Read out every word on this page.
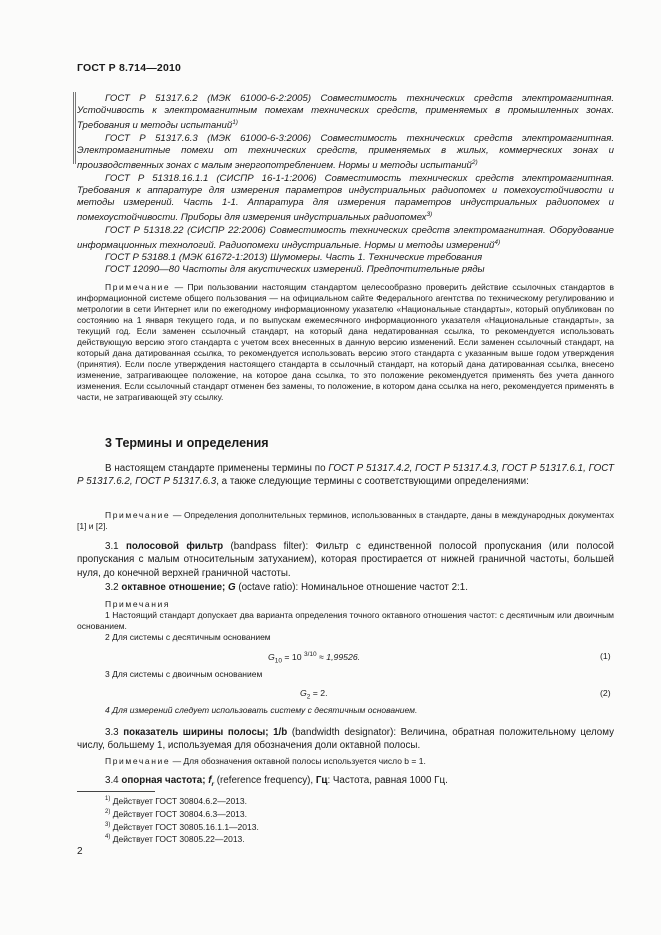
ГОСТ Р 8.714—2010

ГОСТ Р 51317.6.2 (МЭК 61000-6-2:2005) Совместимость технических средств электромагнитная. Устойчивость к электромагнитным помехам технических средств, применяемых в промышленных зонах. Требования и методы испытаний$^{1)}$

ГОСТ Р 51317.6.3 (МЭК 61000-6-3:2006) Совместимость технических средств электромагнитная. Электромагнитные помехи от технических средств, применяемых в жилых, коммерческих зонах и производственных зонах с малым энергопотреблением. Нормы и методы испытаний$^{2)}$

ГОСТ Р 51318.16.1.1 (СИСПР 16-1-1:2006) Совместимость технических средств электромагнитная. Требования к аппаратуре для измерения параметров индустриальных радиопомех и помехоустойчивости и методы измерений. Часть 1-1. Аппаратура для измерения параметров индустриальных радиопомех и помехоустойчивости. Приборы для измерения индустриальных радиопомех$^{3)}$

ГОСТ Р 51318.22 (СИСПР 22:2006) Совместимость технических средств электромагнитная. Оборудование информационных технологий. Радиопомехи индустриальные. Нормы и методы измерений$^{4)}$

ГОСТ Р 53188.1 (МЭК 61672-1:2013) Шумомеры. Часть 1. Технические требования

ГОСТ 12090—80 Частоты для акустических измерений. Предпочтительные ряды

Примечание — При пользовании настоящим стандартом целесообразно проверить действие ссылочных стандартов в информационной системе общего пользования — на официальном сайте Федерального агентства по техническому регулированию и метрологии в сети Интернет или по ежегодному информационному указателю «Национальные стандарты», который опубликован по состоянию на 1 января текущего года, и по выпускам ежемесячного информационного указателя «Национальные стандарты», за текущий год. Если заменен ссылочный стандарт, на который дана недатированная ссылка, то рекомендуется использовать действующую версию этого стандарта с учетом всех внесенных в данную версию изменений. Если заменен ссылочный стандарт, на который дана датированная ссылка, то рекомендуется использовать версию этого стандарта с указанным выше годом утверждения (принятия). Если после утверждения настоящего стандарта в ссылочный стандарт, на который дана датированная ссылка, внесено изменение, затрагивающее положение, на которое дана ссылка, то это положение рекомендуется применять без учета данного изменения. Если ссылочный стандарт отменен без замены, то положение, в котором дана ссылка на него, рекомендуется применять в части, не затрагивающей эту ссылку.

3 Термины и определения

В настоящем стандарте применены термины по ГОСТ Р 51317.4.2, ГОСТ Р 51317.4.3, ГОСТ Р 51317.6.1, ГОСТ Р 51317.6.2, ГОСТ Р 51317.6.3, а также следующие термины с соответствующими определениями:

Примечание — Определения дополнительных терминов, использованных в стандарте, даны в международных документах [1] и [2].

3.1 полосовой фильтр (bandpass filter): Фильтр с единственной полосой пропускания (или полосой пропускания с малым относительным затуханием), которая простирается от нижней граничной частоты, большей нуля, до конечной верхней граничной частоты.

3.2 октавное отношение; G (octave ratio): Номинальное отношение частот 2:1.

Примечания

1 Настоящий стандарт допускает два варианта определения точного октавного отношения частот: с десятичным или двоичным основанием.

2 Для системы с десятичным основанием

$G_{10} = 10$ $^{3/10}$ ≈ 1,99526.	(1)

3 Для системы с двоичным основанием

$G_2 = 2$.	(2)

4 Для измерений следует использовать систему с десятичным основанием.

3.3 показатель ширины полосы; 1/b (bandwidth designator): Величина, обратная положительному целому числу, большему 1, используемая для обозначения доли октавной полосы.

Примечание — Для обозначения октавной полосы используется число b = 1.

3.4 опорная частота; $f_r$ (reference frequency), Гц: Частота, равная 1000 Гц.

$^{1)}$ Действует ГОСТ 30804.6.2—2013.
$^{2)}$ Действует ГОСТ 30804.6.3—2013.
$^{3)}$ Действует ГОСТ 30805.16.1.1—2013.
$^{4)}$ Действует ГОСТ 30805.22—2013.
2
